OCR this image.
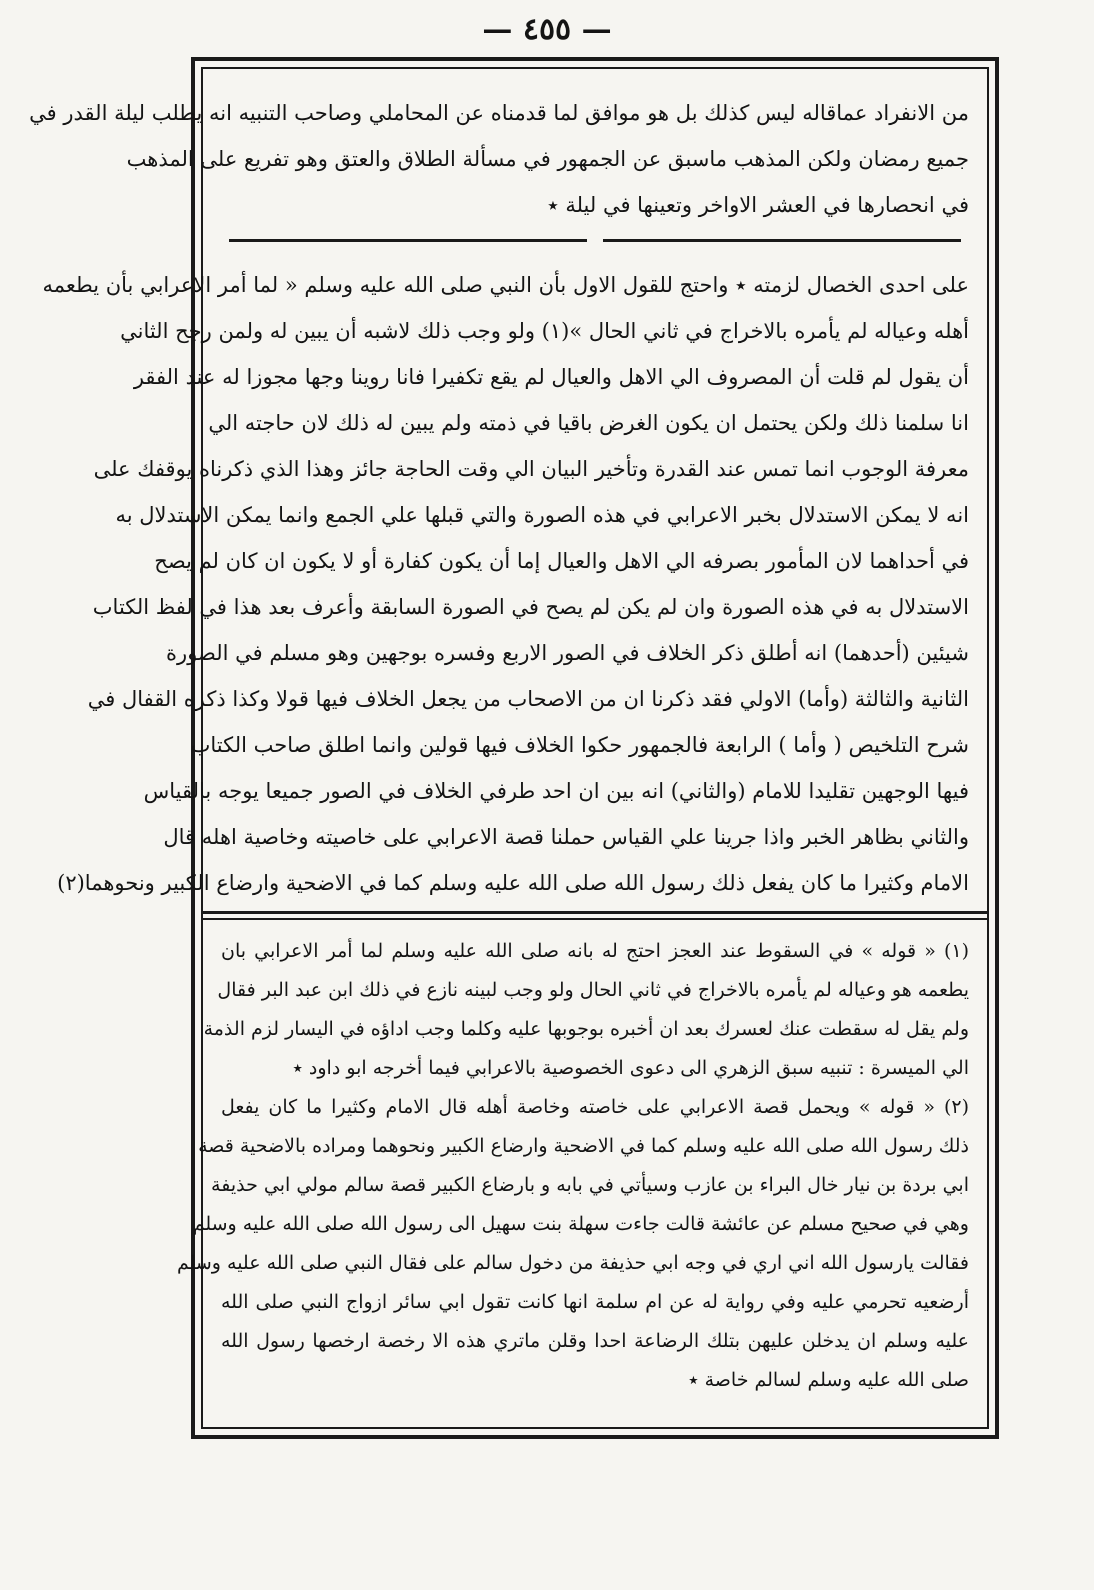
— ٤٥٥ —
من الانفراد عماقاله ليس كذلك بل هو موافق لما قدمناه عن المحاملي وصاحب التنبيه انه يطلب ليلة القدر في
جميع رمضان ولكن المذهب ماسبق عن الجمهور في مسألة الطلاق والعتق وهو تفريع على المذهب
في انحصارها في العشر الاواخر وتعينها في ليلة ٭
على احدى الخصال لزمته ٭ واحتج للقول الاول بأن النبي صلى الله عليه وسلم « لما أمر الاعرابي بأن يطعمه
أهله وعياله لم يأمره بالاخراج في ثاني الحال »(١) ولو وجب ذلك لاشبه أن يبين له ولمن رجح الثاني
أن يقول لم قلت أن المصروف الي الاهل والعيال لم يقع تكفيرا فانا روينا وجها مجوزا له عند الفقر
انا سلمنا ذلك ولكن يحتمل ان يكون الغرض باقيا في ذمته ولم يبين له ذلك لان حاجته الي
معرفة الوجوب انما تمس عند القدرة وتأخير البيان الي وقت الحاجة جائز وهذا الذي ذكرناه يوقفك على
انه لا يمكن الاستدلال بخبر الاعرابي في هذه الصورة والتي قبلها علي الجمع وانما يمكن الاستدلال به
في أحداهما لان المأمور بصرفه الي الاهل والعيال إما أن يكون كفارة أو لا يكون ان كان لم يصح
الاستدلال به في هذه الصورة وان لم يكن لم يصح في الصورة السابقة وأعرف بعد هذا في لفظ الكتاب
شيئين (أحدهما) انه أطلق ذكر الخلاف في الصور الاربع وفسره بوجهين وهو مسلم في الصورة
الثانية والثالثة (وأما) الاولي فقد ذكرنا ان من الاصحاب من يجعل الخلاف فيها قولا وكذا ذكره القفال في
شرح التلخيص ( وأما ) الرابعة فالجمهور حكوا الخلاف فيها قولين وانما اطلق صاحب الكتاب
فيها الوجهين تقليدا للامام (والثاني) انه بين ان احد طرفي الخلاف في الصور جميعا يوجه بالقياس
والثاني بظاهر الخبر واذا جرينا علي القياس حملنا قصة الاعرابي على خاصيته وخاصية اهله قال
الامام وكثيرا ما كان يفعل ذلك رسول الله صلى الله عليه وسلم كما في الاضحية وارضاع الكبير ونحوهما(٢)
(١) « قوله » في السقوط عند العجز احتج له بانه صلى الله عليه وسلم لما أمر الاعرابي بان
يطعمه هو وعياله لم يأمره بالاخراج في ثاني الحال ولو وجب لبينه نازع في ذلك ابن عبد البر فقال
ولم يقل له سقطت عنك لعسرك بعد ان أخبره بوجوبها عليه وكلما وجب اداؤه في اليسار لزم الذمة
الي الميسرة : تنبيه سبق الزهري الى دعوى الخصوصية بالاعرابي فيما أخرجه ابو داود ٭
(٢) « قوله » ويحمل قصة الاعرابي على خاصته وخاصة أهله قال الامام وكثيرا ما كان يفعل
ذلك رسول الله صلى الله عليه وسلم كما في الاضحية وارضاع الكبير ونحوهما ومراده بالاضحية قصة
ابي بردة بن نيار خال البراء بن عازب وسيأتي في بابه و بارضاع الكبير قصة سالم مولي ابي حذيفة
وهي في صحيح مسلم عن عائشة قالت جاءت سهلة بنت سهيل الى رسول الله صلى الله عليه وسلم
فقالت يارسول الله اني اري في وجه ابي حذيفة من دخول سالم على فقال النبي صلى الله عليه وسلم
أرضعيه تحرمي عليه وفي رواية له عن ام سلمة انها كانت تقول ابي سائر ازواج النبي صلى الله
عليه وسلم ان يدخلن عليهن بتلك الرضاعة احدا وقلن ماتري هذه الا رخصة ارخصها رسول الله
صلى الله عليه وسلم لسالم خاصة ٭
